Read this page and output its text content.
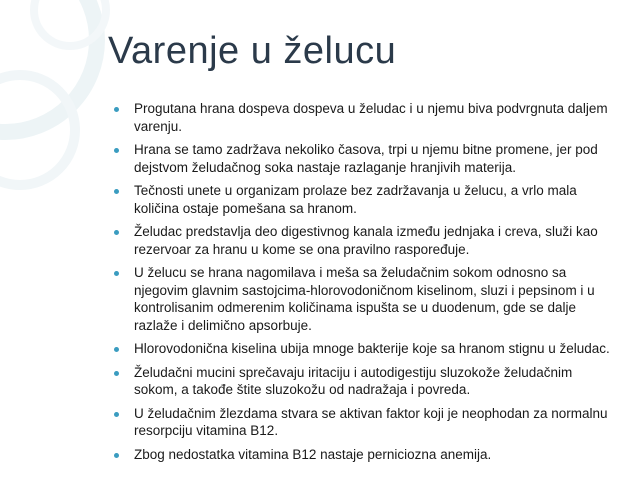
Varenje u želucu
Progutana hrana dospeva dospeva u želudac i u njemu biva podvrgnuta daljem varenju.
Hrana se tamo zadržava nekoliko časova, trpi u njemu bitne promene, jer pod dejstvom želudačnog soka nastaje razlaganje hranjivih materija.
Tečnosti unete u organizam prolaze bez zadržavanja u želucu, a vrlo mala količina ostaje pomešana sa hranom.
Želudac predstavlja deo digestivnog kanala između jednjaka i creva, služi kao rezervoar za hranu u kome se ona pravilno raspoređuje.
U želucu se hrana nagomilava i meša sa želudačnim sokom odnosno sa njegovim glavnim sastojcima-hlorovodoničnom kiselinom, sluzi i pepsinom i u kontrolisanim odmerenim količinama ispušta se u duodenum, gde se dalje razlaže i delimično apsorbuje.
Hlorovodonična kiselina ubija mnoge bakterije koje sa hranom stignu u želudac.
Želudačni mucini sprečavaju iritaciju i autodigestiju sluzokože želudačnim sokom, a takođe štite sluzokožu od nadražaja i povreda.
U želudačnim žlezdama stvara se aktivan faktor koji je neophodan za normalnu resorpciju vitamina B12.
Zbog nedostatka vitamina B12 nastaje perniciozna anemija.
